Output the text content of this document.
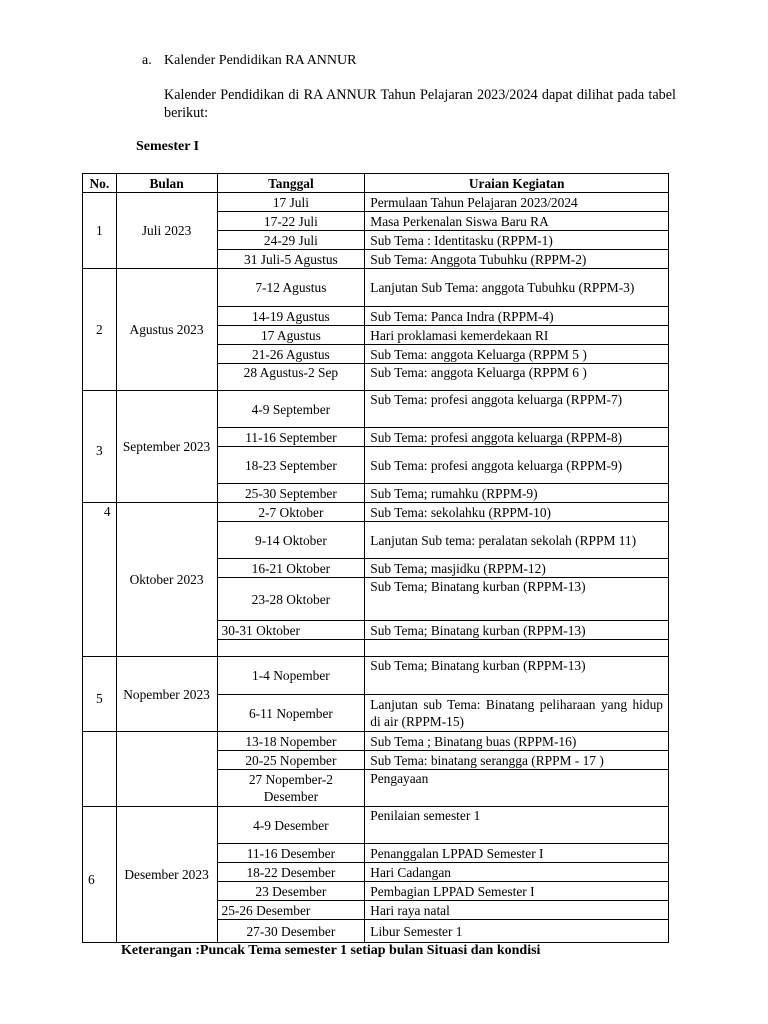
a. Kalender Pendidikan RA ANNUR
Kalender Pendidikan di RA ANNUR Tahun Pelajaran 2023/2024 dapat dilihat pada tabel berikut:
Semester I
No.	Bulan	Tanggal	Uraian Kegiatan
1	Juli 2023	17 Juli	Permulaan Tahun Pelajaran 2023/2024
		17-22 Juli	Masa Perkenalan Siswa Baru RA
		24-29 Juli	Sub Tema : Identitasku (RPPM-1)
		31 Juli-5 Agustus	Sub Tema: Anggota Tubuhku (RPPM-2)
2	Agustus 2023	7-12 Agustus	Lanjutan Sub Tema: anggota Tubuhku (RPPM-3)
		14-19 Agustus	Sub Tema: Panca Indra (RPPM-4)
		17 Agustus	Hari proklamasi kemerdekaan RI
		21-26 Agustus	Sub Tema: anggota Keluarga (RPPM 5 )
		28 Agustus-2 Sep	Sub Tema: anggota Keluarga (RPPM 6 )
3	September 2023	4-9 September	Sub Tema: profesi anggota keluarga (RPPM-7)
		11-16 September	Sub Tema: profesi anggota keluarga (RPPM-8)
		18-23 September	Sub Tema: profesi anggota keluarga (RPPM-9)
		25-30 September	Sub Tema; rumahku (RPPM-9)
4	Oktober 2023	2-7 Oktober	Sub Tema: sekolahku (RPPM-10)
		9-14 Oktober	Lanjutan Sub tema: peralatan sekolah (RPPM 11)
		16-21 Oktober	Sub Tema; masjidku (RPPM-12)
		23-28 Oktober	Sub Tema; Binatang kurban (RPPM-13)
		30-31 Oktober	Sub Tema; Binatang kurban (RPPM-13)

5	Nopember 2023	1-4 Nopember	Sub Tema; Binatang kurban (RPPM-13)
		6-11 Nopember	Lanjutan sub Tema: Binatang peliharaan yang hidup di air (RPPM-15)
		13-18 Nopember	Sub Tema ; Binatang buas (RPPM-16)
		20-25 Nopember	Sub Tema: binatang serangga (RPPM - 17 )
		27 Nopember-2 Desember	Pengayaan
6	Desember 2023	4-9 Desember	Penilaian semester 1
		11-16 Desember	Penanggalan LPPAD Semester I
		18-22 Desember	Hari Cadangan
		23 Desember	Pembagian LPPAD Semester I
		25-26 Desember	Hari raya natal
		27-30 Desember	Libur Semester 1
Keterangan :Puncak Tema semester 1 setiap bulan Situasi dan kondisi
